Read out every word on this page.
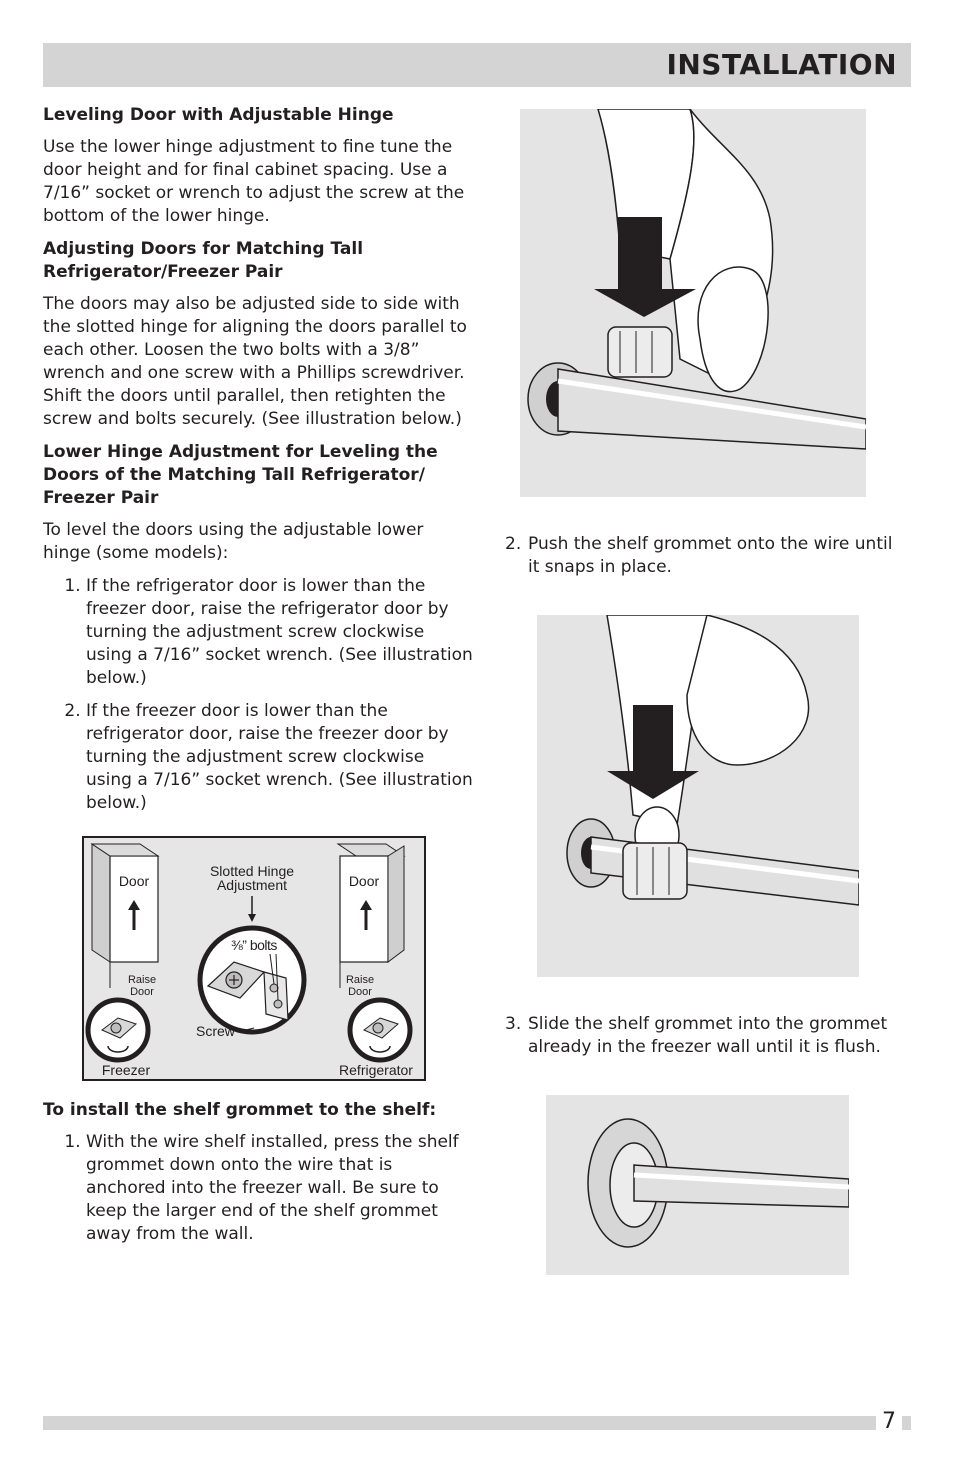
INSTALLATION
Leveling Door with Adjustable Hinge

Use the lower hinge adjustment to fine tune the door height and for final cabinet spacing. Use a 7/16” socket or wrench to adjust the screw at the bottom of the lower hinge.

Adjusting Doors for Matching Tall Refrigerator/Freezer Pair

The doors may also be adjusted side to side with the slotted hinge for aligning the doors parallel to each other. Loosen the two bolts with a 3/8” wrench and one screw with a Phillips screwdriver. Shift the doors until parallel, then retighten the screw and bolts securely. (See illustration below.)

Lower Hinge Adjustment for Leveling the Doors of the Matching Tall Refrigerator/ Freezer Pair

To level the doors using the adjustable lower hinge (some models):

1. If the refrigerator door is lower than the freezer door, raise the refrigerator door by turning the adjustment screw clockwise using a 7/16” socket wrench. (See illustration below.)
2. If the freezer door is lower than the refrigerator door, raise the freezer door by turning the adjustment screw clockwise using a 7/16” socket wrench. (See illustration below.)
Door	Door
Slotted Hinge
Adjustment
⅜” bolts
Screw
Raise
Door
Freezer
Raise
Door
Refrigerator
To install the shelf grommet to the shelf:
1. With the wire shelf installed, press the shelf grommet down onto the wire that is anchored into the freezer wall. Be sure to keep the larger end of the shelf grommet away from the wall.
2. Push the shelf grommet onto the wire until it snaps in place.
3. Slide the shelf grommet into the grommet already in the freezer wall until it is flush.
7
